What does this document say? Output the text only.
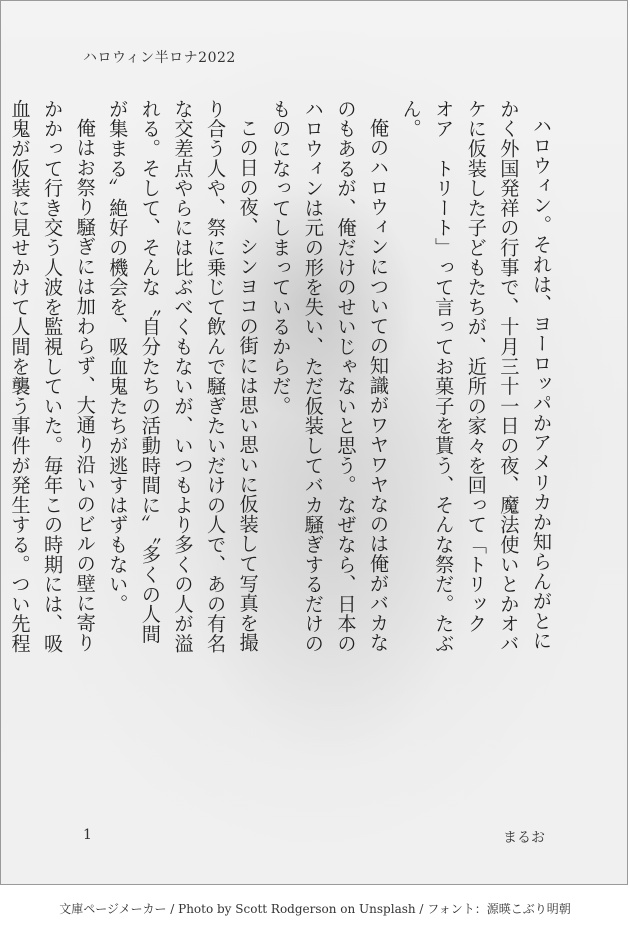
ハロウィン半ロナ2022

ハロウィン。それは、ヨーロッパかアメリカか知らんがとにかく外国発祥の行事で、十月三十一日の夜、魔法使いとかオバケに仮装した子どもたちが、近所の家々を回って「トリック　オア　トリート」って言ってお菓子を貰う、そんな祭だ。たぶん。

俺のハロウィンについての知識がワヤワヤなのは俺がバカなのもあるが、俺だけのせいじゃないと思う。なぜなら、日本のハロウィンは元の形を失い、ただ仮装してバカ騒ぎするだけのものになってしまっているからだ。

この日の夜、シンヨコの街には思い思いに仮装して写真を撮り合う人や、祭に乗じて飲んで騒ぎたいだけの人で、あの有名な交差点やらには比ぶべくもないが、いつもより多くの人が溢れる。そして、そんな〝自分たちの活動時間に〟〝多くの人間が集まる〟絶好の機会を、吸血鬼たちが逃すはずもない。

俺はお祭り騒ぎには加わらず、大通り沿いのビルの壁に寄りかかって行き交う人波を監視していた。毎年この時期には、吸血鬼が仮装に見せかけて人間を襲う事件が発生する。つい先程

1	まるお
文庫ページメーカー / Photo by Scott Rodgerson on Unsplash / フォント：源暎こぶり明朝
